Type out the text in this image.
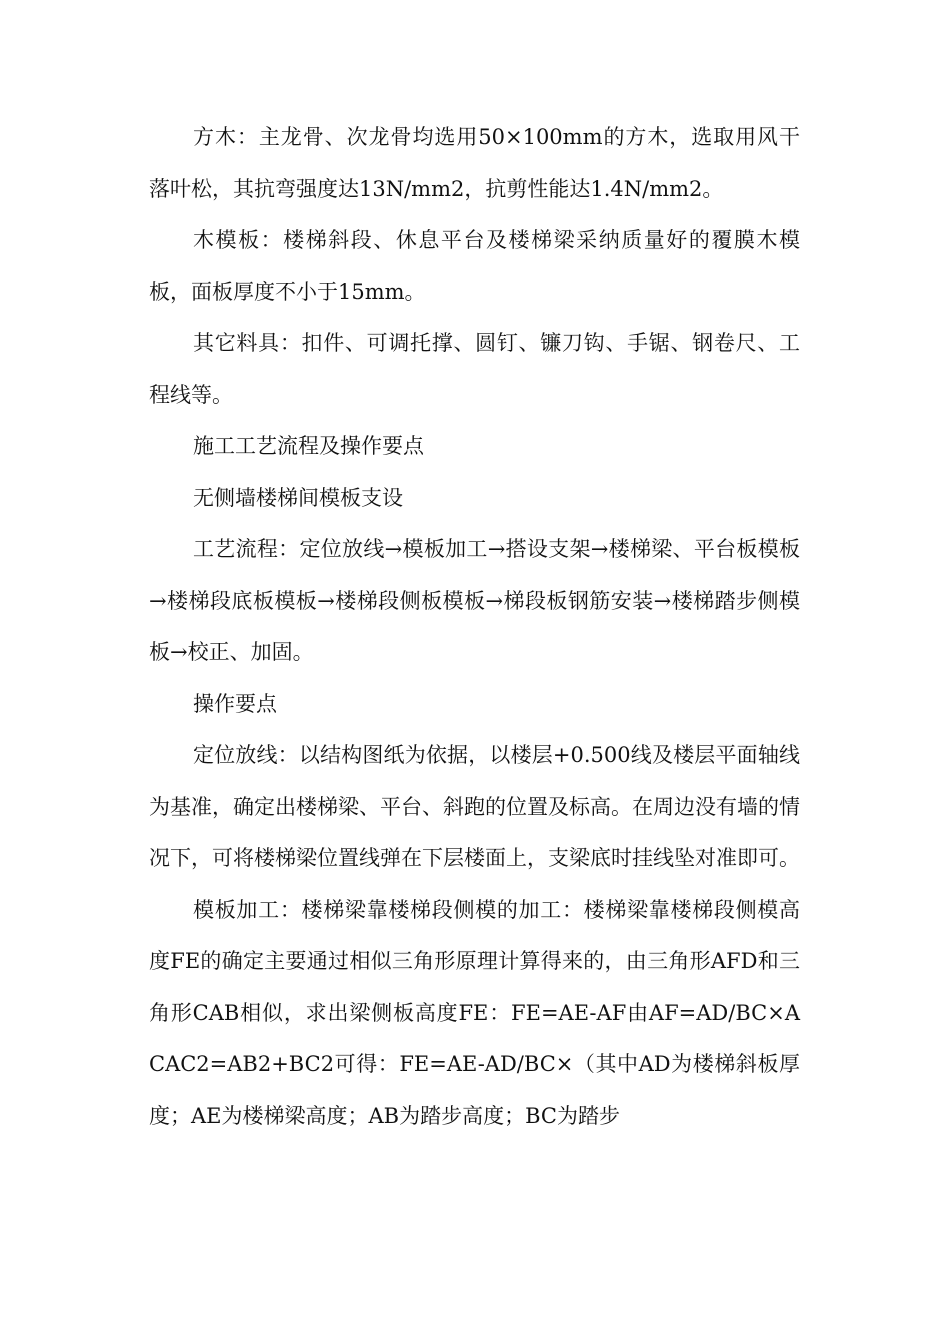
方木：主龙骨、次龙骨均选用50×100mm的方木，选取用风干落叶松，其抗弯强度达13N/mm2，抗剪性能达1.4N/mm2。

木模板：楼梯斜段、休息平台及楼梯梁采纳质量好的覆膜木模板，面板厚度不小于15mm。

其它料具：扣件、可调托撑、圆钉、镰刀钩、手锯、钢卷尺、工程线等。

施工工艺流程及操作要点

无侧墙楼梯间模板支设

工艺流程：定位放线→模板加工→搭设支架→楼梯梁、平台板模板→楼梯段底板模板→楼梯段侧板模板→梯段板钢筋安装→楼梯踏步侧模板→校正、加固。

操作要点

定位放线：以结构图纸为依据，以楼层+0.500线及楼层平面轴线为基准，确定出楼梯梁、平台、斜跑的位置及标高。在周边没有墙的情况下，可将楼梯梁位置线弹在下层楼面上，支梁底时挂线坠对准即可。

模板加工：楼梯梁靠楼梯段侧模的加工：楼梯梁靠楼梯段侧模高度FE的确定主要通过相似三角形原理计算得来的，由三角形AFD和三角形CAB相似，求出梁侧板高度FE：FE=AE-AF由AF=AD/BC×ACAC2=AB2+BC2可得：FE=AE-AD/BC×（其中AD为楼梯斜板厚度；AE为楼梯梁高度；AB为踏步高度；BC为踏步
